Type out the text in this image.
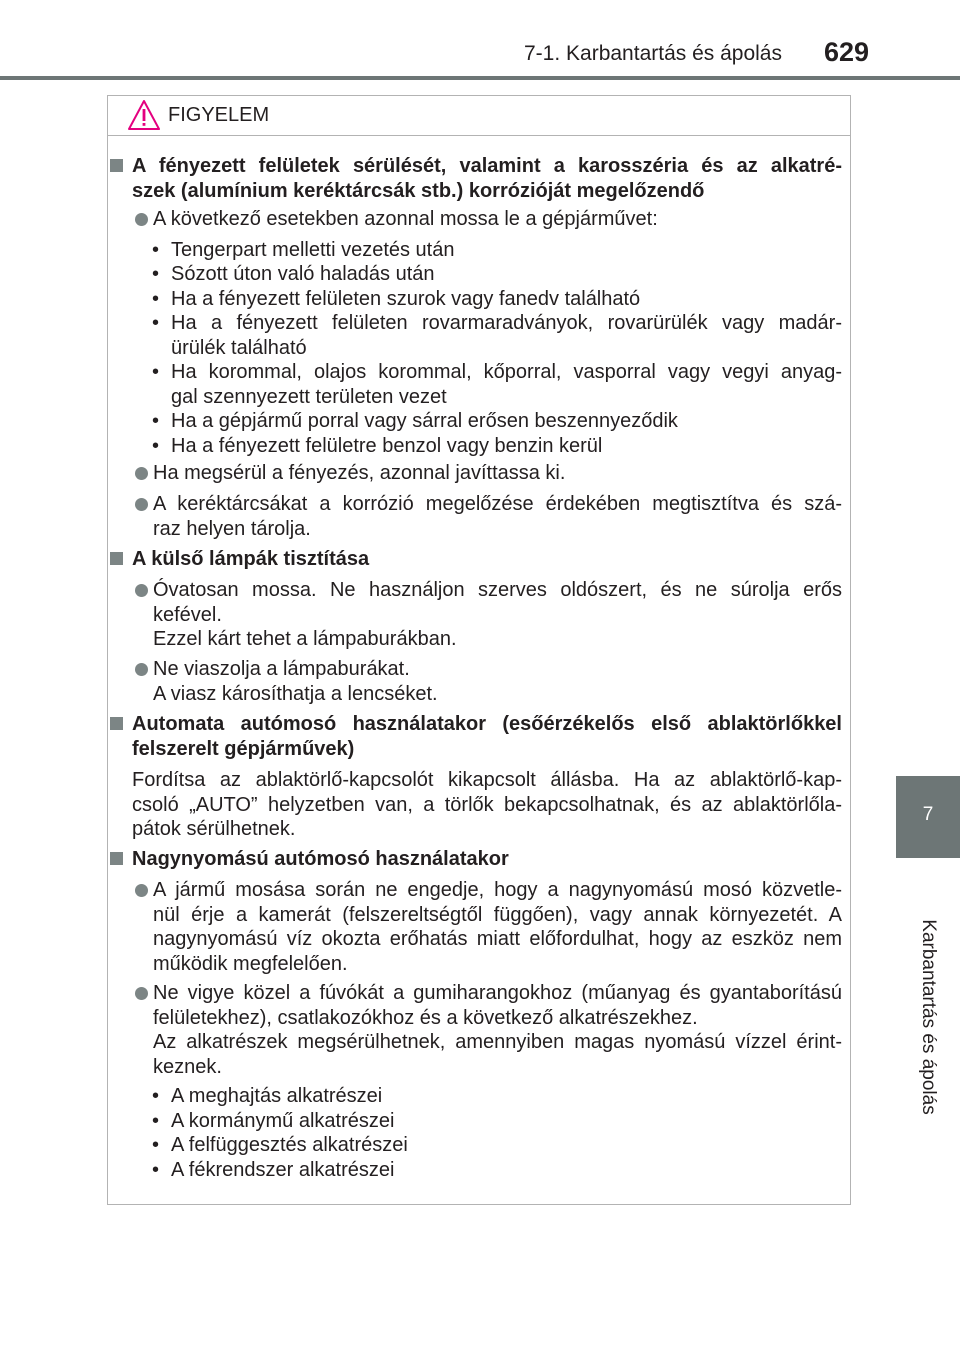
7-1. Karbantartás és ápolás 629
7
Karbantartás és ápolás
FIGYELEM
A fényezett felületek sérülését, valamint a karosszéria és az alkatré-
szek (alumínium keréktárcsák stb.) korrózióját megelőzendő
A következő esetekben azonnal mossa le a gépjárművet:
• Tengerpart melletti vezetés után
• Sózott úton való haladás után
• Ha a fényezett felületen szurok vagy fanedv található
• Ha a fényezett felületen rovarmaradványok, rovarürülék vagy madár-
ürülék található
• Ha korommal, olajos korommal, kőporral, vasporral vagy vegyi anyag-
gal szennyezett területen vezet
• Ha a gépjármű porral vagy sárral erősen beszennyeződik
• Ha a fényezett felületre benzol vagy benzin kerül
Ha megsérül a fényezés, azonnal javíttassa ki.
A keréktárcsákat a korrózió megelőzése érdekében megtisztítva és szá-
raz helyen tárolja.
A külső lámpák tisztítása
Óvatosan mossa. Ne használjon szerves oldószert, és ne súrolja erős
kefével.
Ezzel kárt tehet a lámpaburákban.
Ne viaszolja a lámpaburákat.
A viasz károsíthatja a lencséket.
Automata autómosó használatakor (esőérzékelős első ablaktörlőkkel
felszerelt gépjárművek)
Fordítsa az ablaktörlő-kapcsolót kikapcsolt állásba. Ha az ablaktörlő-kap-
csoló „AUTO” helyzetben van, a törlők bekapcsolhatnak, és az ablaktörlőla-
pátok sérülhetnek.
Nagynyomású autómosó használatakor
A jármű mosása során ne engedje, hogy a nagynyomású mosó közvetle-
nül érje a kamerát (felszereltségtől függően), vagy annak környezetét. A
nagynyomású víz okozta erőhatás miatt előfordulhat, hogy az eszköz nem
működik megfelelően.
Ne vigye közel a fúvókát a gumiharangokhoz (műanyag és gyantaborítású
felületekhez), csatlakozókhoz és a következő alkatrészekhez.
Az alkatrészek megsérülhetnek, amennyiben magas nyomású vízzel érint-
keznek.
• A meghajtás alkatrészei
• A kormánymű alkatrészei
• A felfüggesztés alkatrészei
• A fékrendszer alkatrészei
